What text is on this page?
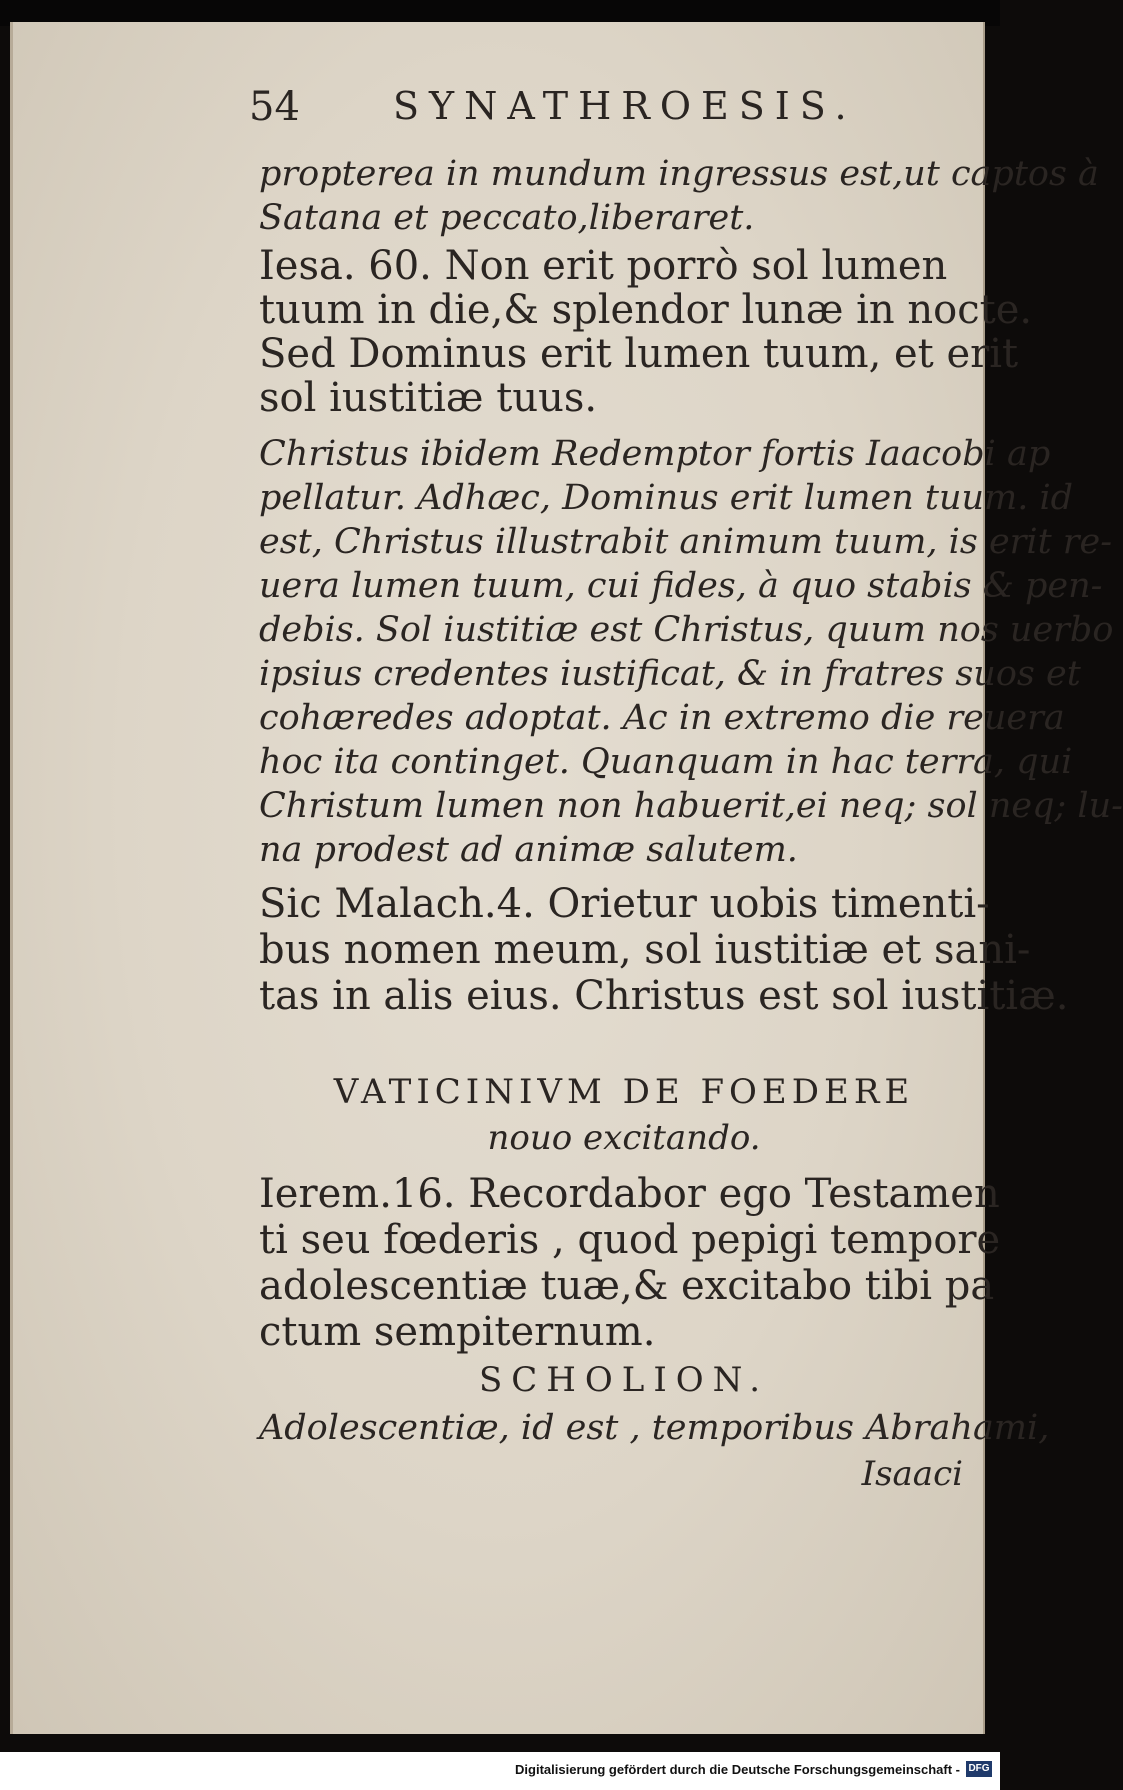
54 SYNATHROESIS.
propterea in mundum ingressus est,ut captos à
Satana et peccato,liberaret.
Iesa. 60. Non erit porrò sol lumen
tuum in die,& splendor lunæ in nocte.
Sed Dominus erit lumen tuum, et erit
sol iustitiæ tuus.
Christus ibidem Redemptor fortis Iaacobi ap
pellatur. Adhæc, Dominus erit lumen tuum. id
est, Christus illustrabit animum tuum, is erit re-
uera lumen tuum, cui fides, à quo stabis & pen-
debis. Sol iustitiæ est Christus, quum nos uerbo
ipsius credentes iustificat, & in fratres suos et
cohæredes adoptat. Ac in extremo die reuera
hoc ita continget. Quanquam in hac terra, qui
Christum lumen non habuerit,ei neq; sol neq; lu-
na prodest ad animæ salutem.
Sic Malach.4. Orietur uobis timenti-
bus nomen meum, sol iustitiæ et sani-
tas in alis eius. Christus est sol iustitiæ.
VATICINIVM DE FOEDERE
nouo excitando.
Ierem.16. Recordabor ego Testamen
ti seu fœderis , quod pepigi tempore
adolescentiæ tuæ,& excitabo tibi pa
ctum sempiternum.
SCHOLION.
Adolescentiæ, id est , temporibus Abrahami,
Isaaci
Digitalisierung gefördert durch die Deutsche Forschungsgemeinschaft - DFG
